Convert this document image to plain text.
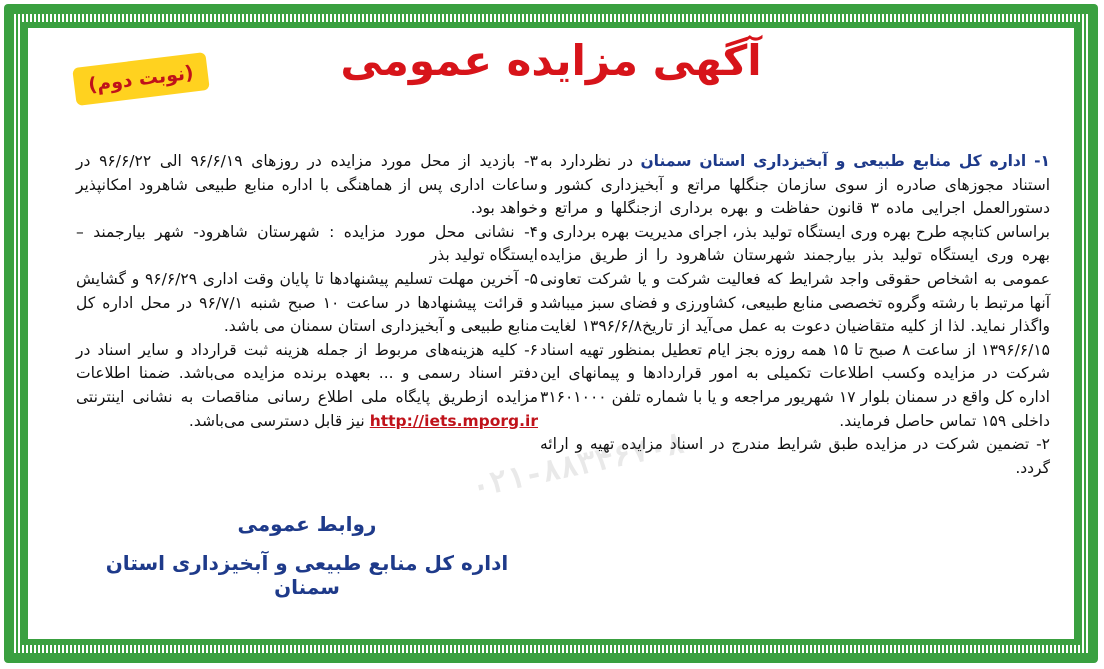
آگهی مزایده عمومی
(نوبت دوم)

۱- اداره کل منابع طبیعی و آبخیزداری استان سمنان در نظردارد به استناد مجوزهای صادره از سوی سازمان جنگلها مراتع و آبخیزداری کشور و دستورالعمل اجرایی ماده ۳ قانون حفاظت و بهره برداری ازجنگلها و مراتع و براساس کتابچه طرح بهره وری ایستگاه تولید بذر، اجرای مدیریت بهره برداری و بهره وری ایستگاه تولید بذر بیارجمند شهرستان شاهرود را از طریق مزایده عمومی به اشخاص حقوقی واجد شرایط که فعالیت شرکت و یا شرکت تعاونی آنها مرتبط با رشته وگروه تخصصی منابع طبیعی، کشاورزی و فضای سبز میباشد واگذار نماید. لذا از کلیه متقاضیان دعوت به عمل می‌آید از تاریخ۱۳۹۶/۶/۸ لغایت ۱۳۹۶/۶/۱۵ از ساعت ۸ صبح تا ۱۵ همه روزه بجز ایام تعطیل بمنظور تهیه اسناد شرکت در مزایده وکسب اطلاعات تکمیلی به امور قراردادها و پیمانهای این اداره کل واقع در سمنان بلوار ۱۷ شهریور مراجعه و یا با شماره تلفن ۳۱۶۰۱۰۰۰ داخلی ۱۵۹ تماس حاصل فرمایند.

۲- تضمین شرکت در مزایده طبق شرایط مندرج در اسناد مزایده تهیه و ارائه گردد.

۳- بازدید از محل مورد مزایده در روزهای ۹۶/۶/۱۹ الی ۹۶/۶/۲۲ در ساعات اداری پس از هماهنگی با اداره منابع طبیعی شاهرود امکانپذیر خواهد بود.

۴- نشانی محل مورد مزایده : شهرستان شاهرود- شهر بیارجمند – ایستگاه تولید بذر

۵- آخرین مهلت تسلیم پیشنهادها تا پایان وقت اداری ۹۶/۶/۲۹ و گشایش و قرائت پیشنهادها در ساعت ۱۰ صبح شنبه ۹۶/۷/۱ در محل اداره کل منابع طبیعی و آبخیزداری استان سمنان می باشد.

۶- کلیه هزینه‌های مربوط از جمله هزینه ثبت قرارداد و سایر اسناد در دفتر اسناد رسمی و ... بعهده برنده مزایده می‌باشد. ضمنا اطلاعات مزایده ازطریق پایگاه ملی اطلاع رسانی مناقصات به نشانی اینترنتی http://iets.mporg.ir نیز قابل دسترسی می‌باشد.

روابط عمومی
اداره کل منابع طبیعی و آبخیزداری استان سمنان
۰۲۱-۸۸۳۴۶۷۰۸
